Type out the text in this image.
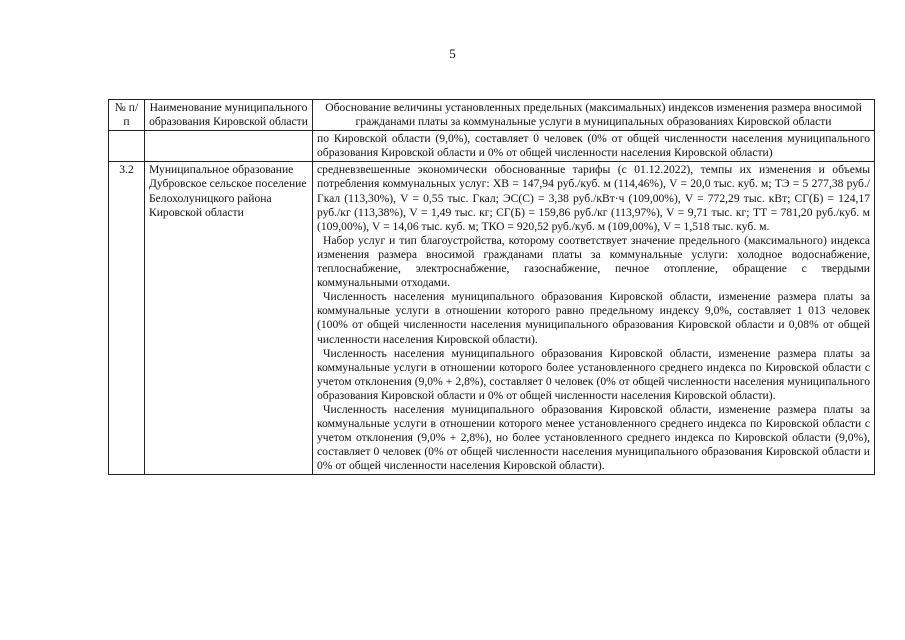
5
№ п/п	Наименование муниципального образования Кировской области	Обоснование величины установленных предельных (максимальных) индексов изменения размера вносимой гражданами платы за коммунальные услуги в муниципальных образованиях Кировской области

		по Кировской области (9,0%), составляет 0 человек (0% от общей численности населения муниципального образования Кировской области и 0% от общей численности населения Кировской области)

3.2	Муниципальное образование Дубровское сельское поселение Белохолуницкого района Кировской области	средневзвешенные экономически обоснованные тарифы (с 01.12.2022), темпы их изменения и объемы потребления коммунальных услуг: ХВ = 147,94 руб./куб. м (114,46%), V = 20,0 тыс. куб. м; ТЭ = 5 277,38 руб./Гкал (113,30%), V = 0,55 тыс. Гкал; ЭС(С) = 3,38 руб./кВт·ч (109,00%), V = 772,29 тыс. кВт; СГ(Б) = 124,17 руб./кг (113,38%), V = 1,49 тыс. кг; СГ(Б) = 159,86 руб./кг (113,97%), V = 9,71 тыс. кг; ТТ = 781,20 руб./куб. м (109,00%), V = 14,06 тыс. куб. м; ТКО = 920,52 руб./куб. м (109,00%), V = 1,518 тыс. куб. м.

Набор услуг и тип благоустройства, которому соответствует значение предельного (максимального) индекса изменения размера вносимой гражданами платы за коммунальные услуги: холодное водоснабжение, теплоснабжение, электроснабжение, газоснабжение, печное отопление, обращение с твердыми коммунальными отходами.

Численность населения муниципального образования Кировской области, изменение размера платы за коммунальные услуги в отношении которого равно предельному индексу 9,0%, составляет 1 013 человек (100% от общей численности населения муниципального образования Кировской области и 0,08% от общей численности населения Кировской области).

Численность населения муниципального образования Кировской области, изменение размера платы за коммунальные услуги в отношении которого более установленного среднего индекса по Кировской области с учетом отклонения (9,0% + 2,8%), составляет 0 человек (0% от общей численности населения муниципального образования Кировской области и 0% от общей численности населения Кировской области).

Численность населения муниципального образования Кировской области, изменение размера платы за коммунальные услуги в отношении которого менее установленного среднего индекса по Кировской области с учетом отклонения (9,0% + 2,8%), но более установленного среднего индекса по Кировской области (9,0%), составляет 0 человек (0% от общей численности населения муниципального образования Кировской области и 0% от общей численности населения Кировской области).
